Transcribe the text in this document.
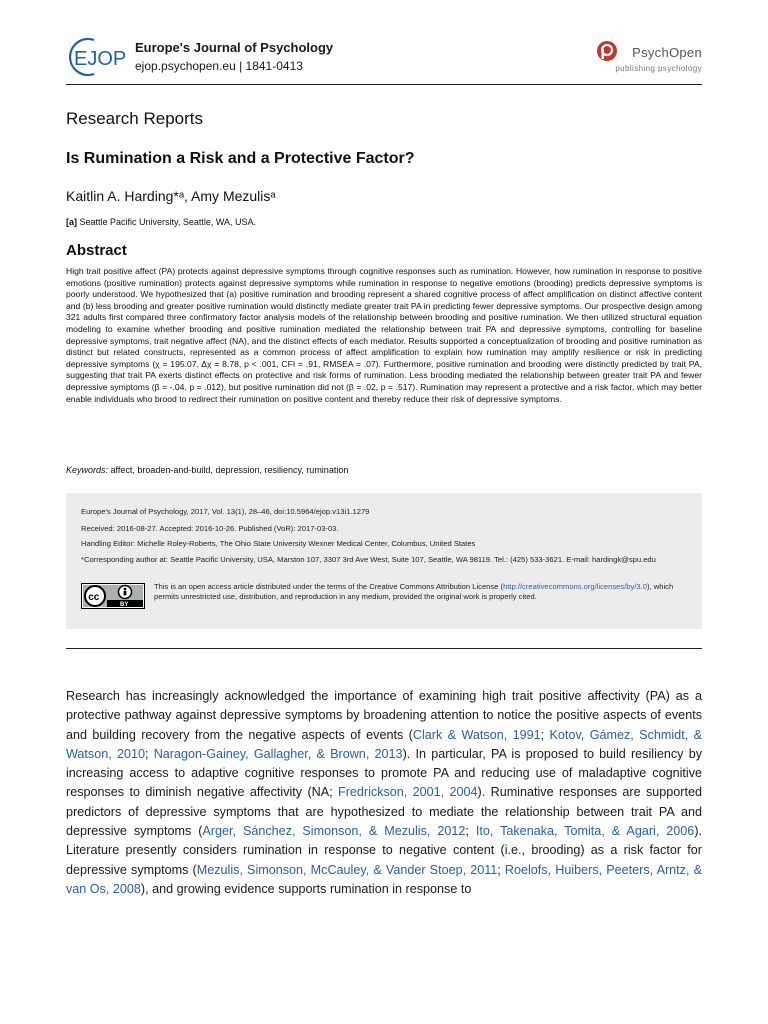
EJOP
Europe's Journal of Psychology
ejop.psychopen.eu | 1841-0413
PsychOpen
publishing psychology
Research Reports
Is Rumination a Risk and a Protective Factor?
Kaitlin A. Harding*ᵃ, Amy Mezulisᵃ
[a] Seattle Pacific University, Seattle, WA, USA.
Abstract
High trait positive affect (PA) protects against depressive symptoms through cognitive responses such as rumination. However, how rumination in response to positive emotions (positive rumination) protects against depressive symptoms while rumination in response to negative emotions (brooding) predicts depressive symptoms is poorly understood. We hypothesized that (a) positive rumination and brooding represent a shared cognitive process of affect amplification on distinct affective content and (b) less brooding and greater positive rumination would distinctly mediate greater trait PA in predicting fewer depressive symptoms. Our prospective design among 321 adults first compared three confirmatory factor analysis models of the relationship between brooding and positive rumination. We then utilized structural equation modeling to examine whether brooding and positive rumination mediated the relationship between trait PA and depressive symptoms, controlling for baseline depressive symptoms, trait negative affect (NA), and the distinct effects of each mediator. Results supported a conceptualization of brooding and positive rumination as distinct but related constructs, represented as a common process of affect amplification to explain how rumination may amplify resilience or risk in predicting depressive symptoms (χ = 195.07, Δχ = 8.78, p < .001, CFI = .91, RMSEA = .07). Furthermore, positive rumination and brooding were distinctly predicted by trait PA, suggesting that trait PA exerts distinct effects on protective and risk forms of rumination. Less brooding mediated the relationship between greater trait PA and fewer depressive symptoms (β = -.04, p = .012), but positive rumination did not (β = .02, p = .517). Rumination may represent a protective and a risk factor, which may better enable individuals who brood to redirect their rumination on positive content and thereby reduce their risk of depressive symptoms.
Keywords: affect, broaden-and-build, depression, resiliency, rumination
Europe's Journal of Psychology, 2017, Vol. 13(1), 28–46, doi:10.5964/ejop.v13i1.1279
Received: 2016-08-27. Accepted: 2016-10-26. Published (VoR): 2017-03-03.
Handling Editor: Michelle Roley-Roberts, The Ohio State University Wexner Medical Center, Columbus, United States
*Corresponding author at: Seattle Pacific University, USA, Marston 107, 3307 3rd Ave West, Suite 107, Seattle, WA 98119. Tel.: (425) 533-3621. E-mail: hardingk@spu.edu
cc
BY
This is an open access article distributed under the terms of the Creative Commons Attribution License (http://creativecommons.org/licenses/by/3.0), which permits unrestricted use, distribution, and reproduction in any medium, provided the original work is properly cited.
Research has increasingly acknowledged the importance of examining high trait positive affectivity (PA) as a protective pathway against depressive symptoms by broadening attention to notice the positive aspects of events and building recovery from the negative aspects of events (Clark & Watson, 1991; Kotov, Gámez, Schmidt, & Watson, 2010; Naragon-Gainey, Gallagher, & Brown, 2013). In particular, PA is proposed to build resiliency by increasing access to adaptive cognitive responses to promote PA and reducing use of maladaptive cognitive responses to diminish negative affectivity (NA; Fredrickson, 2001, 2004). Ruminative responses are supported predictors of depressive symptoms that are hypothesized to mediate the relationship between trait PA and depressive symptoms (Arger, Sánchez, Simonson, & Mezulis, 2012; Ito, Takenaka, Tomita, & Agari, 2006). Literature presently considers rumination in response to negative content (i.e., brooding) as a risk factor for depressive symptoms (Mezulis, Simonson, McCauley, & Vander Stoep, 2011; Roelofs, Huibers, Peeters, Arntz, & van Os, 2008), and growing evidence supports rumination in response to
